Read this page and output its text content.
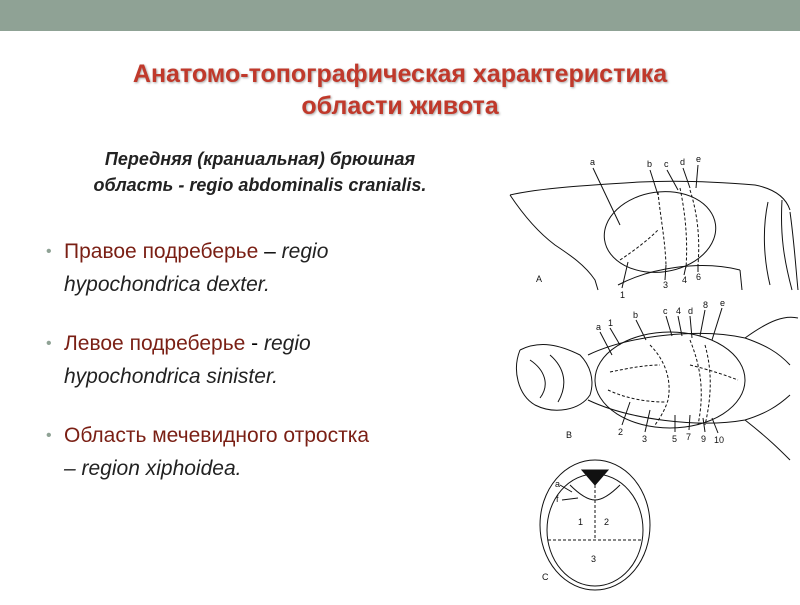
Анатомо-топографическая характеристика
области живота
Передняя (краниальная) брюшная
область - regio abdominalis cranialis.
• Правое подреберье – regio
hypochondrica dexter.
• Левое подреберье - regio
hypochondrica sinister.
• Область мечевидного отростка
– region xiphoidea.
a	b c d e
1
3 4 6
A
a 1
b	c 4 d
8 e
2
3	5 7 9 10
B
a
f
1 2
3
C
